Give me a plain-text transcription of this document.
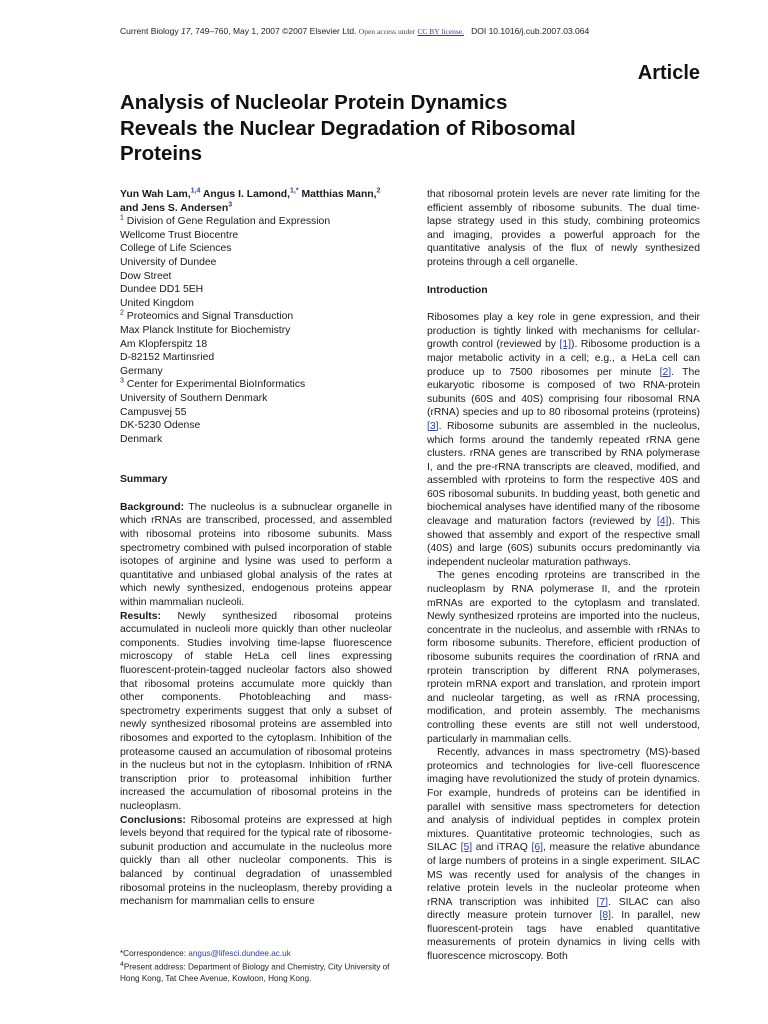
Current Biology 17, 749–760, May 1, 2007 ©2007 Elsevier Ltd. Open access under CC BY license. DOI 10.1016/j.cub.2007.03.064
Article
Analysis of Nucleolar Protein Dynamics Reveals the Nuclear Degradation of Ribosomal Proteins

Yun Wah Lam,$^{1,4}$ Angus I. Lamond,$^{1,*}$ Matthias Mann,$^2$
and Jens S. Andersen$^3$

$^1$ Division of Gene Regulation and Expression

Wellcome Trust Biocentre

College of Life Sciences

University of Dundee

Dow Street

Dundee DD1 5EH

United Kingdom

$^2$ Proteomics and Signal Transduction

Max Planck Institute for Biochemistry

Am Klopferspitz 18

D-82152 Martinsried

Germany

$^3$ Center for Experimental BioInformatics

University of Southern Denmark

Campusvej 55

DK-5230 Odense

Denmark

Summary

Background: The nucleolus is a subnuclear organelle in which rRNAs are transcribed, processed, and assembled with ribosomal proteins into ribosome subunits. Mass spectrometry combined with pulsed incorporation of stable isotopes of arginine and lysine was used to perform a quantitative and unbiased global analysis of the rates at which newly synthesized, endogenous proteins appear within mammalian nucleoli.

Results: Newly synthesized ribosomal proteins accumulated in nucleoli more quickly than other nucleolar components. Studies involving time-lapse fluorescence microscopy of stable HeLa cell lines expressing fluorescent-protein-tagged nucleolar factors also showed that ribosomal proteins accumulate more quickly than other components. Photobleaching and mass-spectrometry experiments suggest that only a subset of newly synthesized ribosomal proteins are assembled into ribosomes and exported to the cytoplasm. Inhibition of the proteasome caused an accumulation of ribosomal proteins in the nucleus but not in the cytoplasm. Inhibition of rRNA transcription prior to proteasomal inhibition further increased the accumulation of ribosomal proteins in the nucleoplasm.

Conclusions: Ribosomal proteins are expressed at high levels beyond that required for the typical rate of ribosome-subunit production and accumulate in the nucleolus more quickly than all other nucleolar components. This is balanced by continual degradation of unassembled ribosomal proteins in the nucleoplasm, thereby providing a mechanism for mammalian cells to ensure

that ribosomal protein levels are never rate limiting for the efficient assembly of ribosome subunits. The dual time-lapse strategy used in this study, combining proteomics and imaging, provides a powerful approach for the quantitative analysis of the flux of newly synthesized proteins through a cell organelle.

Introduction

Ribosomes play a key role in gene expression, and their production is tightly linked with mechanisms for cellular-growth control (reviewed by [1]). Ribosome production is a major metabolic activity in a cell; e.g., a HeLa cell can produce up to 7500 ribosomes per minute [2]. The eukaryotic ribosome is composed of two RNA-protein subunits (60S and 40S) comprising four ribosomal RNA (rRNA) species and up to 80 ribosomal proteins (rproteins) [3]. Ribosome subunits are assembled in the nucleolus, which forms around the tandemly repeated rRNA gene clusters. rRNA genes are transcribed by RNA polymerase I, and the pre-rRNA transcripts are cleaved, modified, and assembled with rproteins to form the respective 40S and 60S ribosomal subunits. In budding yeast, both genetic and biochemical analyses have identified many of the ribosome cleavage and maturation factors (reviewed by [4]). This showed that assembly and export of the respective small (40S) and large (60S) subunits occurs predominantly via independent nucleolar maturation pathways.

The genes encoding rproteins are transcribed in the nucleoplasm by RNA polymerase II, and the rprotein mRNAs are exported to the cytoplasm and translated. Newly synthesized rproteins are imported into the nucleus, concentrate in the nucleolus, and assemble with rRNAs to form ribosome subunits. Therefore, efficient production of ribosome subunits requires the coordination of rRNA and rprotein transcription by different RNA polymerases, rprotein mRNA export and translation, and rprotein import and nucleolar targeting, as well as rRNA processing, modification, and protein assembly. The mechanisms controlling these events are still not well understood, particularly in mammalian cells.

Recently, advances in mass spectrometry (MS)-based proteomics and technologies for live-cell fluorescence imaging have revolutionized the study of protein dynamics. For example, hundreds of proteins can be identified in parallel with sensitive mass spectrometers for detection and analysis of individual peptides in complex protein mixtures. Quantitative proteomic technologies, such as SILAC [5] and iTRAQ [6], measure the relative abundance of large numbers of proteins in a single experiment. SILAC MS was recently used for analysis of the changes in relative protein levels in the nucleolar proteome when rRNA transcription was inhibited [7]. SILAC can also directly measure protein turnover [8]. In parallel, new fluorescent-protein tags have enabled quantitative measurements of protein dynamics in living cells with fluorescence microscopy. Both

*Correspondence: angus@lifesci.dundee.ac.uk

$^4$Present address: Department of Biology and Chemistry, City University of Hong Kong, Tat Chee Avenue, Kowloon, Hong Kong.
